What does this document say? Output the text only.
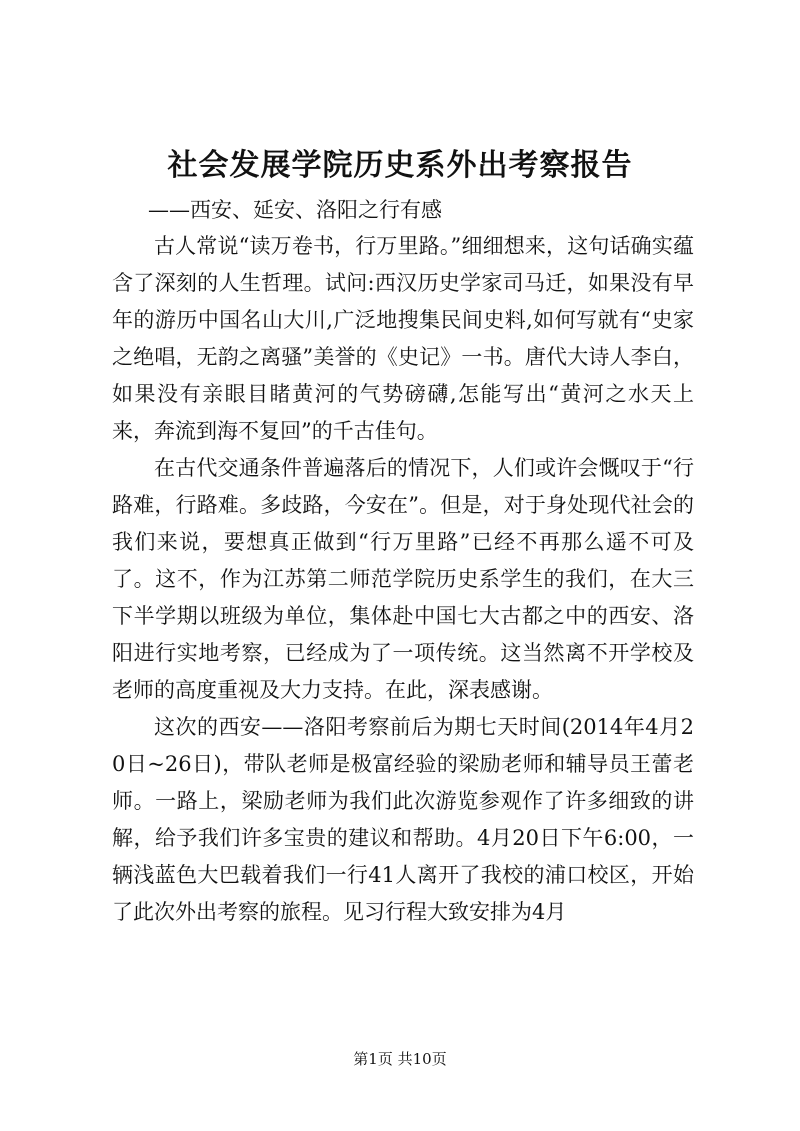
社会发展学院历史系外出考察报告

——西安、延安、洛阳之行有感

古人常说“读万卷书，行万里路。”细细想来，这句话确实蕴含了深刻的人生哲理。试问:西汉历史学家司马迁，如果没有早年的游历中国名山大川,广泛地搜集民间史料,如何写就有“史家之绝唱，无韵之离骚”美誉的《史记》一书。唐代大诗人李白，如果没有亲眼目睹黄河的气势磅礴,怎能写出“黄河之水天上来，奔流到海不复回”的千古佳句。

在古代交通条件普遍落后的情况下，人们或许会慨叹于“行路难，行路难。多歧路，今安在”。但是，对于身处现代社会的我们来说，要想真正做到“行万里路”已经不再那么遥不可及了。这不，作为江苏第二师范学院历史系学生的我们，在大三下半学期以班级为单位，集体赴中国七大古都之中的西安、洛阳进行实地考察，已经成为了一项传统。这当然离不开学校及老师的高度重视及大力支持。在此，深表感谢。

这次的西安——洛阳考察前后为期七天时间(2014年4月20日~26日)，带队老师是极富经验的梁励老师和辅导员王蕾老师。一路上，梁励老师为我们此次游览参观作了许多细致的讲解，给予我们许多宝贵的建议和帮助。4月20日下午6:00，一辆浅蓝色大巴载着我们一行41人离开了我校的浦口校区，开始了此次外出考察的旅程。见习行程大致安排为4月

第1页 共10页
